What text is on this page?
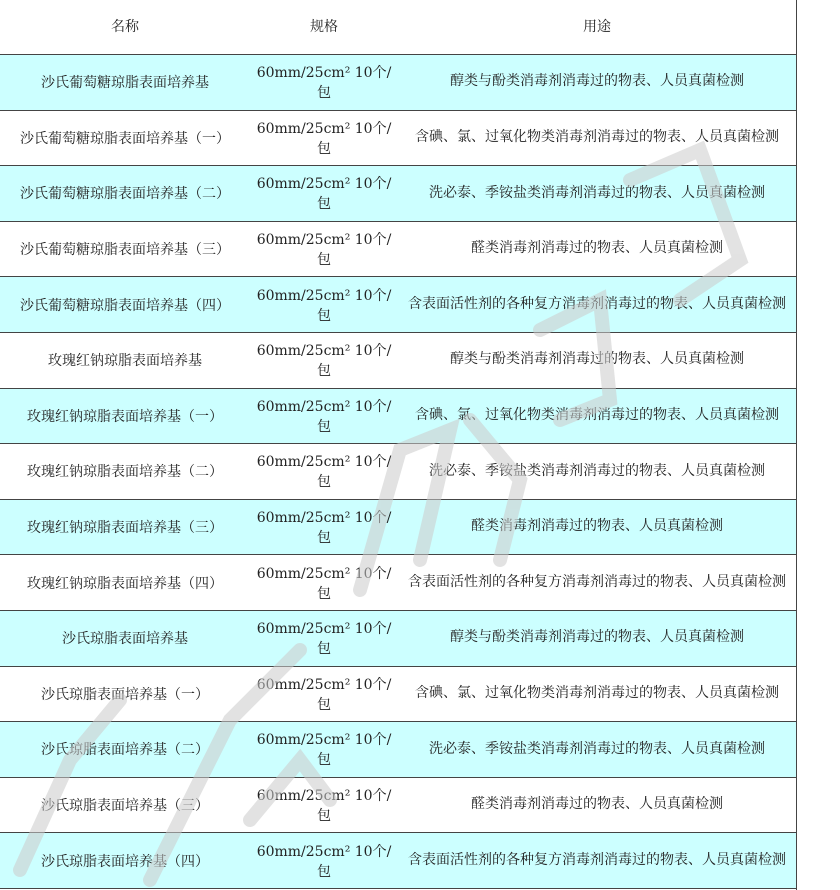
名称	规格	用途
沙氏葡萄糖琼脂表面培养基
60mm/25cm² 10个/包
醇类与酚类消毒剂消毒过的物表、人员真菌检测
沙氏葡萄糖琼脂表面培养基（一）
60mm/25cm² 10个/包
含碘、氯、过氧化物类消毒剂消毒过的物表、人员真菌检测
沙氏葡萄糖琼脂表面培养基（二）
60mm/25cm² 10个/包
洗必泰、季铵盐类消毒剂消毒过的物表、人员真菌检测
沙氏葡萄糖琼脂表面培养基（三）
60mm/25cm² 10个/包
醛类消毒剂消毒过的物表、人员真菌检测
沙氏葡萄糖琼脂表面培养基（四）
60mm/25cm² 10个/包
含表面活性剂的各种复方消毒剂消毒过的物表、人员真菌检测
玫瑰红钠琼脂表面培养基
60mm/25cm² 10个/包
醇类与酚类消毒剂消毒过的物表、人员真菌检测
玫瑰红钠琼脂表面培养基（一）
60mm/25cm² 10个/包
含碘、氯、过氧化物类消毒剂消毒过的物表、人员真菌检测
玫瑰红钠琼脂表面培养基（二）
60mm/25cm² 10个/包
洗必泰、季铵盐类消毒剂消毒过的物表、人员真菌检测
玫瑰红钠琼脂表面培养基（三）
60mm/25cm² 10个/包
醛类消毒剂消毒过的物表、人员真菌检测
玫瑰红钠琼脂表面培养基（四）
60mm/25cm² 10个/包
含表面活性剂的各种复方消毒剂消毒过的物表、人员真菌检测
沙氏琼脂表面培养基
60mm/25cm² 10个/包
醇类与酚类消毒剂消毒过的物表、人员真菌检测
沙氏琼脂表面培养基（一）
60mm/25cm² 10个/包
含碘、氯、过氧化物类消毒剂消毒过的物表、人员真菌检测
沙氏琼脂表面培养基（二）
60mm/25cm² 10个/包
洗必泰、季铵盐类消毒剂消毒过的物表、人员真菌检测
沙氏琼脂表面培养基（三）
60mm/25cm² 10个/包
醛类消毒剂消毒过的物表、人员真菌检测
沙氏琼脂表面培养基（四）
60mm/25cm² 10个/包
含表面活性剂的各种复方消毒剂消毒过的物表、人员真菌检测
